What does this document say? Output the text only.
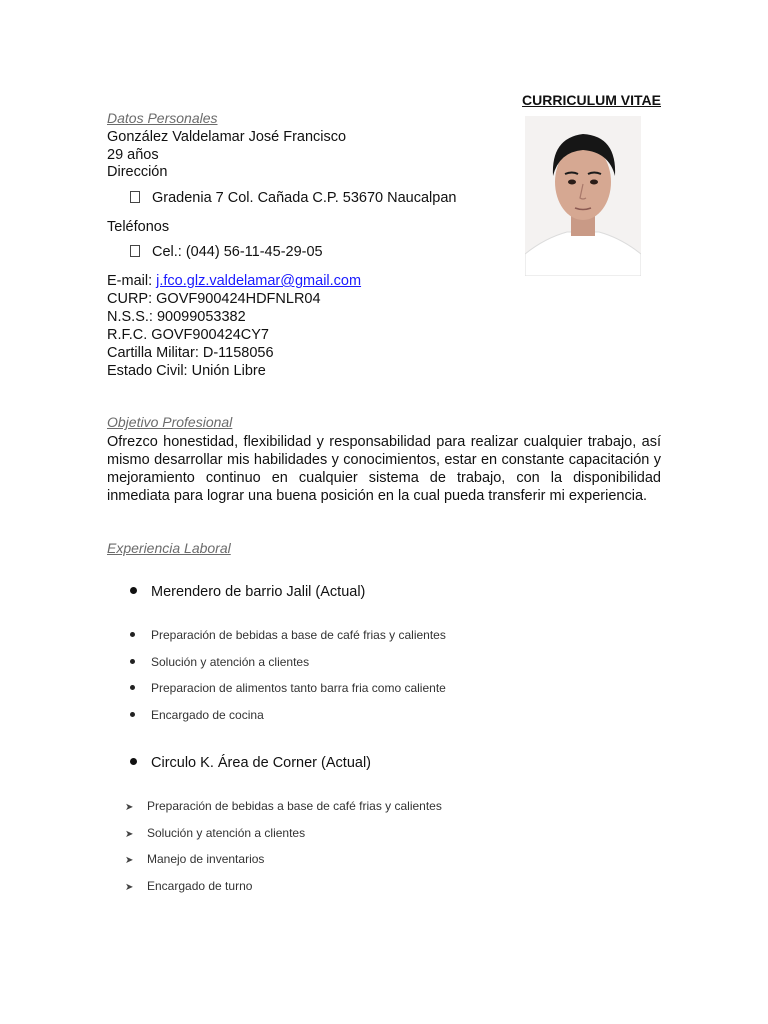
CURRICULUM VITAE
Datos Personales
González Valdelamar José Francisco
29 años
Dirección
Gradenia 7 Col. Cañada C.P. 53670 Naucalpan
Teléfonos
Cel.: (044) 56-11-45-29-05
E-mail: j.fco.glz.valdelamar@gmail.com
CURP: GOVF900424HDFNLR04
N.S.S.: 90099053382
R.F.C. GOVF900424CY7
Cartilla Militar: D-1158056
Estado Civil: Unión Libre
Objetivo Profesional
Ofrezco honestidad, flexibilidad y responsabilidad para realizar cualquier trabajo, así mismo desarrollar mis habilidades y conocimientos, estar en constante capacitación y mejoramiento continuo en cualquier sistema de trabajo, con la disponibilidad inmediata para lograr una buena posición en la cual pueda transferir mi experiencia.
Experiencia Laboral
Merendero de barrio Jalil (Actual)
Preparación de bebidas a base de café frias y calientes
Solución y atención a clientes
Preparacion de alimentos tanto barra fria como caliente
Encargado de cocina
Circulo K. Área de Corner (Actual)
➤ Preparación de bebidas a base de café frias y calientes
➤ Solución y atención a clientes
➤ Manejo de inventarios
➤ Encargado de turno
